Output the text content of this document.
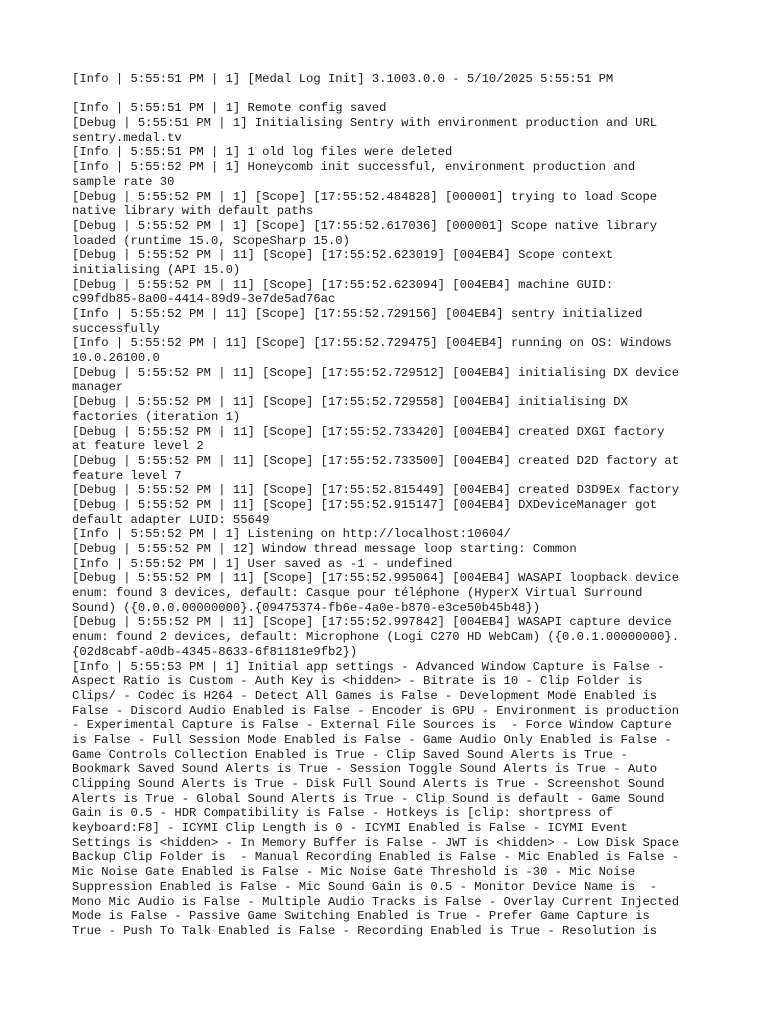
[Info | 5:55:51 PM | 1] [Medal Log Init] 3.1003.0.0 - 5/10/2025 5:55:51 PM
[Info | 5:55:51 PM | 1] Remote config saved
[Debug | 5:55:51 PM | 1] Initialising Sentry with environment production and URL
sentry.medal.tv
[Info | 5:55:51 PM | 1] 1 old log files were deleted
[Info | 5:55:52 PM | 1] Honeycomb init successful, environment production and
sample rate 30
[Debug | 5:55:52 PM | 1] [Scope] [17:55:52.484828] [000001] trying to load Scope
native library with default paths
[Debug | 5:55:52 PM | 1] [Scope] [17:55:52.617036] [000001] Scope native library
loaded (runtime 15.0, ScopeSharp 15.0)
[Debug | 5:55:52 PM | 11] [Scope] [17:55:52.623019] [004EB4] Scope context
initialising (API 15.0)
[Debug | 5:55:52 PM | 11] [Scope] [17:55:52.623094] [004EB4] machine GUID:
c99fdb85-8a00-4414-89d9-3e7de5ad76ac
[Info | 5:55:52 PM | 11] [Scope] [17:55:52.729156] [004EB4] sentry initialized
successfully
[Info | 5:55:52 PM | 11] [Scope] [17:55:52.729475] [004EB4] running on OS: Windows
10.0.26100.0
[Debug | 5:55:52 PM | 11] [Scope] [17:55:52.729512] [004EB4] initialising DX device
manager
[Debug | 5:55:52 PM | 11] [Scope] [17:55:52.729558] [004EB4] initialising DX
factories (iteration 1)
[Debug | 5:55:52 PM | 11] [Scope] [17:55:52.733420] [004EB4] created DXGI factory
at feature level 2
[Debug | 5:55:52 PM | 11] [Scope] [17:55:52.733500] [004EB4] created D2D factory at
feature level 7
[Debug | 5:55:52 PM | 11] [Scope] [17:55:52.815449] [004EB4] created D3D9Ex factory
[Debug | 5:55:52 PM | 11] [Scope] [17:55:52.915147] [004EB4] DXDeviceManager got
default adapter LUID: 55649
[Info | 5:55:52 PM | 1] Listening on http://localhost:10604/
[Debug | 5:55:52 PM | 12] Window thread message loop starting: Common
[Info | 5:55:52 PM | 1] User saved as -1 - undefined
[Debug | 5:55:52 PM | 11] [Scope] [17:55:52.995064] [004EB4] WASAPI loopback device
enum: found 3 devices, default: Casque pour téléphone (HyperX Virtual Surround
Sound) ({0.0.0.00000000}.{09475374-fb6e-4a0e-b870-e3ce50b45b48})
[Debug | 5:55:52 PM | 11] [Scope] [17:55:52.997842] [004EB4] WASAPI capture device
enum: found 2 devices, default: Microphone (Logi C270 HD WebCam) ({0.0.1.00000000}.
{02d8cabf-a0db-4345-8633-6f81181e9fb2})
[Info | 5:55:53 PM | 1] Initial app settings - Advanced Window Capture is False -
Aspect Ratio is Custom - Auth Key is <hidden> - Bitrate is 10 - Clip Folder is
Clips/ - Codec is H264 - Detect All Games is False - Development Mode Enabled is
False - Discord Audio Enabled is False - Encoder is GPU - Environment is production
- Experimental Capture is False - External File Sources is  - Force Window Capture
is False - Full Session Mode Enabled is False - Game Audio Only Enabled is False -
Game Controls Collection Enabled is True - Clip Saved Sound Alerts is True -
Bookmark Saved Sound Alerts is True - Session Toggle Sound Alerts is True - Auto
Clipping Sound Alerts is True - Disk Full Sound Alerts is True - Screenshot Sound
Alerts is True - Global Sound Alerts is True - Clip Sound is default - Game Sound
Gain is 0.5 - HDR Compatibility is False - Hotkeys is [clip: shortpress of
keyboard:F8] - ICYMI Clip Length is 0 - ICYMI Enabled is False - ICYMI Event
Settings is <hidden> - In Memory Buffer is False - JWT is <hidden> - Low Disk Space
Backup Clip Folder is  - Manual Recording Enabled is False - Mic Enabled is False -
Mic Noise Gate Enabled is False - Mic Noise Gate Threshold is -30 - Mic Noise
Suppression Enabled is False - Mic Sound Gain is 0.5 - Monitor Device Name is  -
Mono Mic Audio is False - Multiple Audio Tracks is False - Overlay Current Injected
Mode is False - Passive Game Switching Enabled is True - Prefer Game Capture is
True - Push To Talk Enabled is False - Recording Enabled is True - Resolution is
